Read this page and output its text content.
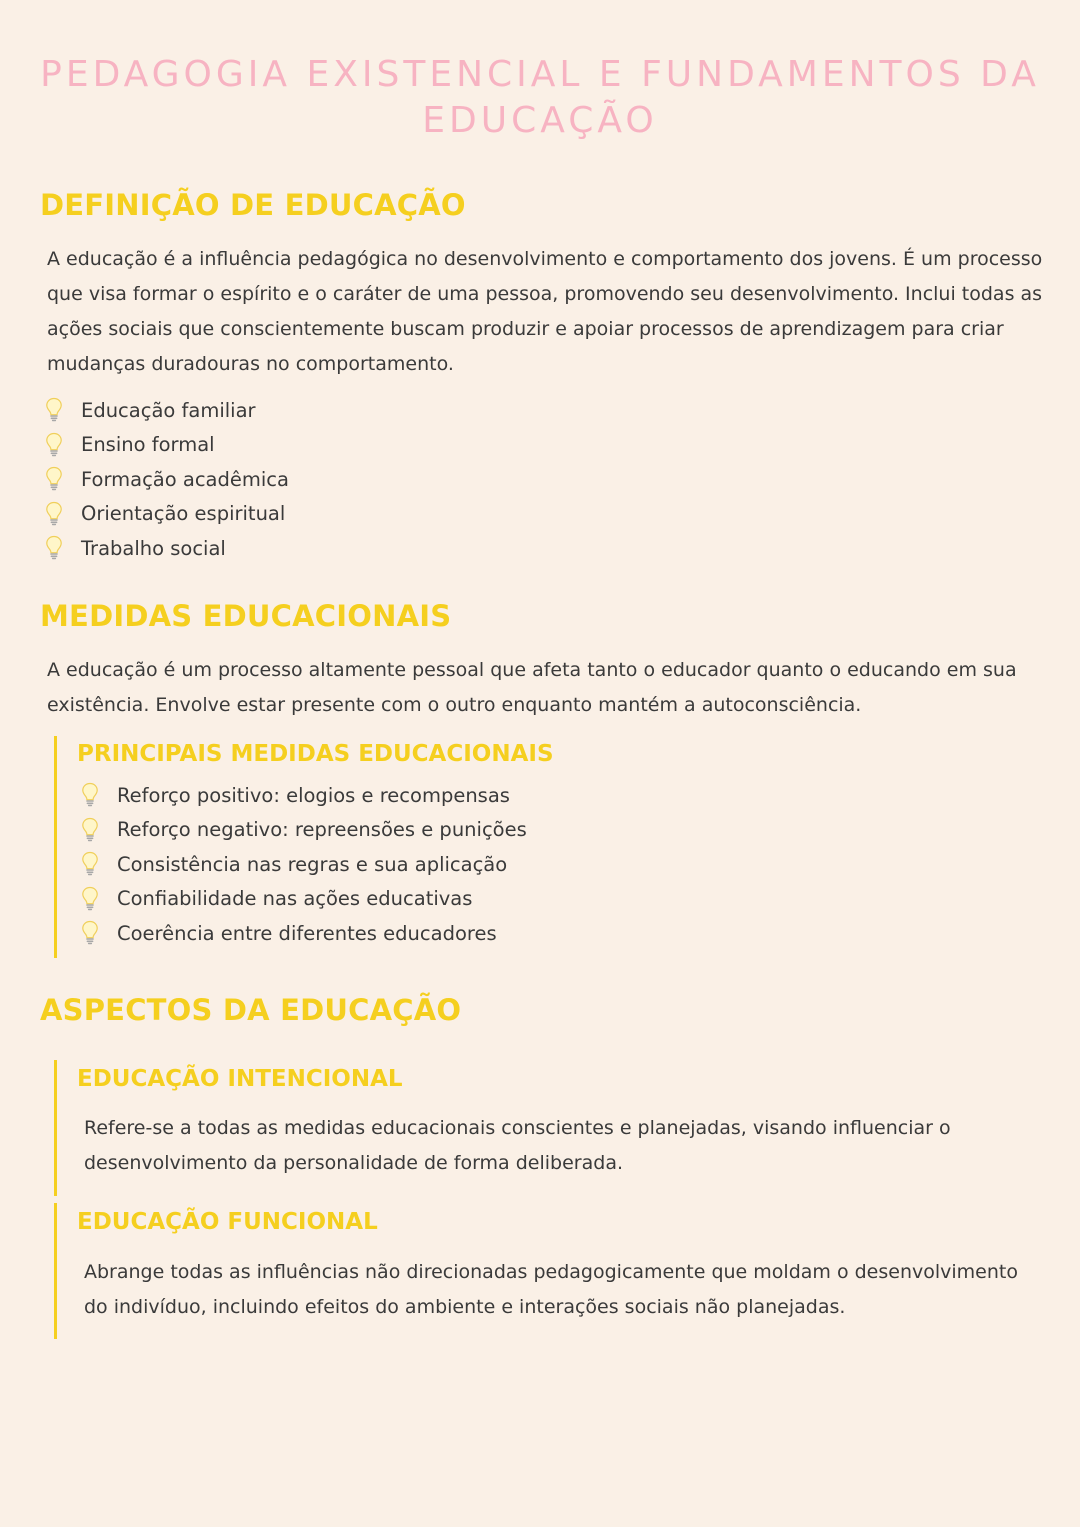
PEDAGOGIA EXISTENCIAL E FUNDAMENTOS DA
EDUCAÇÃO
DEFINIÇÃO DE EDUCAÇÃO

A educação é a influência pedagógica no desenvolvimento e comportamento dos jovens. É um processo
que visa formar o espírito e o caráter de uma pessoa, promovendo seu desenvolvimento. Inclui todas as
ações sociais que conscientemente buscam produzir e apoiar processos de aprendizagem para criar
mudanças duradouras no comportamento.

Educação familiar
Ensino formal
Formação acadêmica
Orientação espiritual
Trabalho social
MEDIDAS EDUCACIONAIS

A educação é um processo altamente pessoal que afeta tanto o educador quanto o educando em sua
existência. Envolve estar presente com o outro enquanto mantém a autoconsciência.

PRINCIPAIS MEDIDAS EDUCACIONAIS
Reforço positivo: elogios e recompensas
Reforço negativo: repreensões e punições
Consistência nas regras e sua aplicação
Confiabilidade nas ações educativas
Coerência entre diferentes educadores
ASPECTOS DA EDUCAÇÃO
EDUCAÇÃO INTENCIONAL

Refere-se a todas as medidas educacionais conscientes e planejadas, visando influenciar o
desenvolvimento da personalidade de forma deliberada.

EDUCAÇÃO FUNCIONAL

Abrange todas as influências não direcionadas pedagogicamente que moldam o desenvolvimento
do indivíduo, incluindo efeitos do ambiente e interações sociais não planejadas.
